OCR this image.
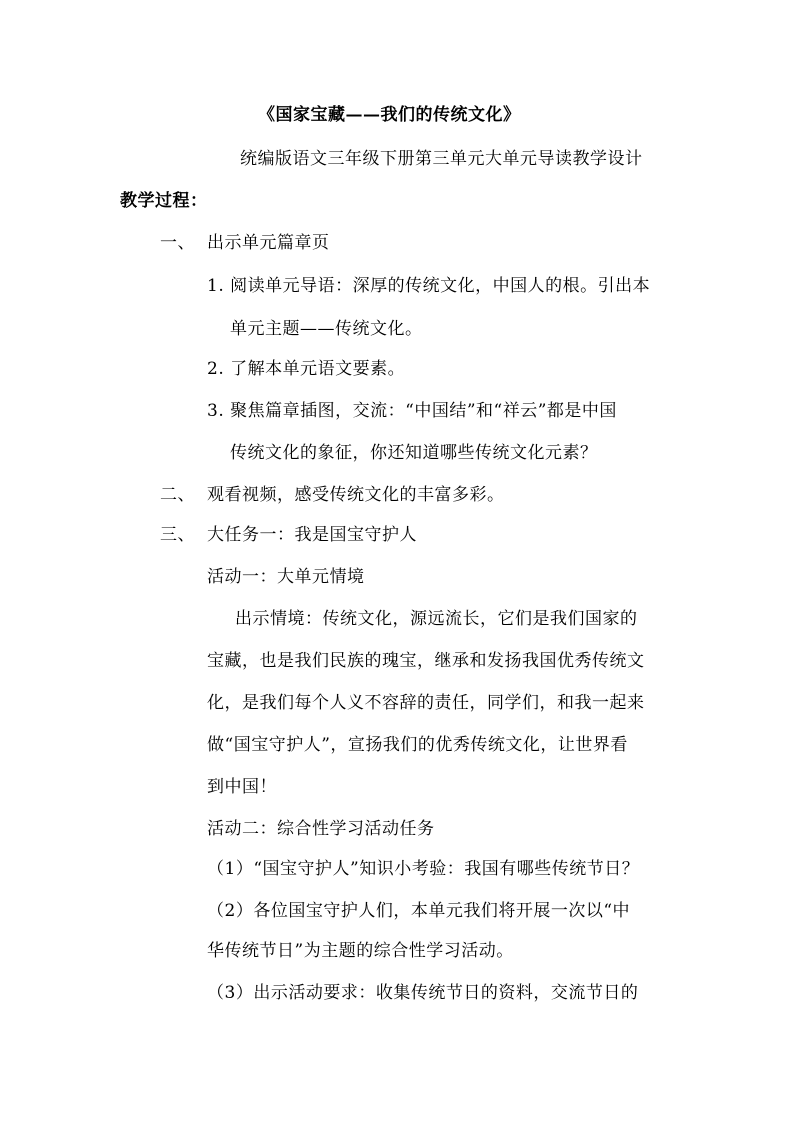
《国家宝藏——我们的传统文化》
统编版语文三年级下册第三单元大单元导读教学设计
教学过程：
一、 出示单元篇章页
1. 阅读单元导语：深厚的传统文化，中国人的根。引出本
单元主题——传统文化。
2. 了解本单元语文要素。
3. 聚焦篇章插图，交流：“中国结”和“祥云”都是中国
传统文化的象征，你还知道哪些传统文化元素？
二、 观看视频，感受传统文化的丰富多彩。
三、 大任务一：我是国宝守护人
活动一：大单元情境
出示情境：传统文化，源远流长，它们是我们国家的
宝藏，也是我们民族的瑰宝，继承和发扬我国优秀传统文
化，是我们每个人义不容辞的责任，同学们，和我一起来
做“国宝守护人”，宣扬我们的优秀传统文化，让世界看
到中国！
活动二：综合性学习活动任务
（1）“国宝守护人”知识小考验：我国有哪些传统节日？
（2）各位国宝守护人们，本单元我们将开展一次以“中
华传统节日”为主题的综合性学习活动。
（3）出示活动要求：收集传统节日的资料，交流节日的
